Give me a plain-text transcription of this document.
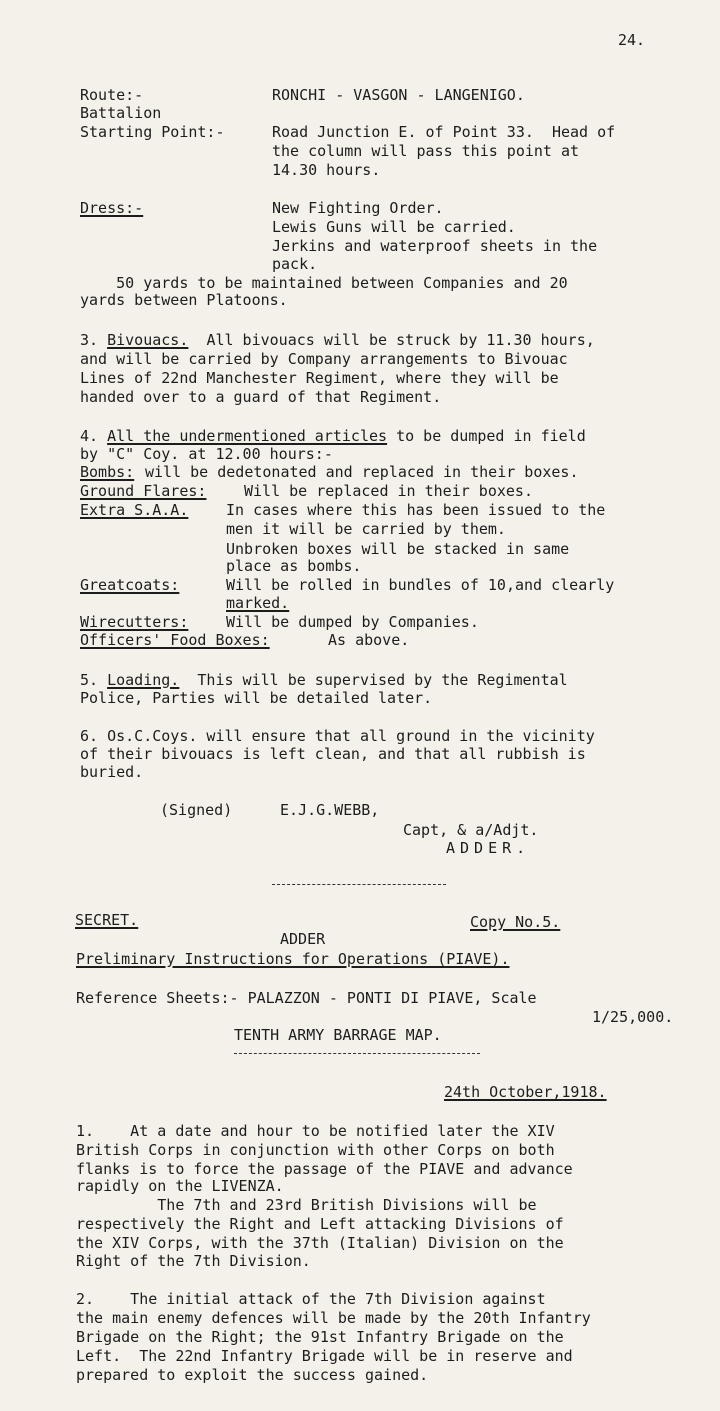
24.
Route:-	RONCHI - VASGON - LANGENIGO.
Battalion
Starting Point:-	Road Junction E. of Point 33.  Head of
the column will pass this point at
14.30 hours.
Dress:-	New Fighting Order.
Lewis Guns will be carried.
Jerkins and waterproof sheets in the
pack.
50 yards to be maintained between Companies and 20
yards between Platoons.
3. Bivouacs. All bivouacs will be struck by 11.30 hours,
and will be carried by Company arrangements to Bivouac
Lines of 22nd Manchester Regiment, where they will be
handed over to a guard of that Regiment.
4. All the undermentioned articles to be dumped in field
by "C" Coy. at 12.00 hours:-
Bombs: will be dedetonated and replaced in their boxes.
Ground Flares:	Will be replaced in their boxes.
Extra S.A.A.	In cases where this has been issued to the
men it will be carried by them.
Unbroken boxes will be stacked in same
place as bombs.
Greatcoats:	Will be rolled in bundles of 10,and clearly
marked.
Wirecutters:	Will be dumped by Companies.
Officers' Food Boxes:	As above.
5. Loading. This will be supervised by the Regimental
Police, Parties will be detailed later.
6. Os.C.Coys. will ensure that all ground in the vicinity
of their bivouacs is left clean, and that all rubbish is
buried.
(Signed)	E.J.G.WEBB,
Capt, & a/Adjt.
ADDER.
SECRET.	Copy No.5.
ADDER
Preliminary Instructions for Operations (PIAVE).
Reference Sheets:- PALAZZON - PONTI DI PIAVE, Scale
1/25,000.
TENTH ARMY BARRAGE MAP.
24th October,1918.
1.    At a date and hour to be notified later the XIV
British Corps in conjunction with other Corps on both
flanks is to force the passage of the PIAVE and advance
rapidly on the LIVENZA.
The 7th and 23rd British Divisions will be
respectively the Right and Left attacking Divisions of
the XIV Corps, with the 37th (Italian) Division on the
Right of the 7th Division.
2.    The initial attack of the 7th Division against
the main enemy defences will be made by the 20th Infantry
Brigade on the Right; the 91st Infantry Brigade on the
Left.  The 22nd Infantry Brigade will be in reserve and
prepared to exploit the success gained.
